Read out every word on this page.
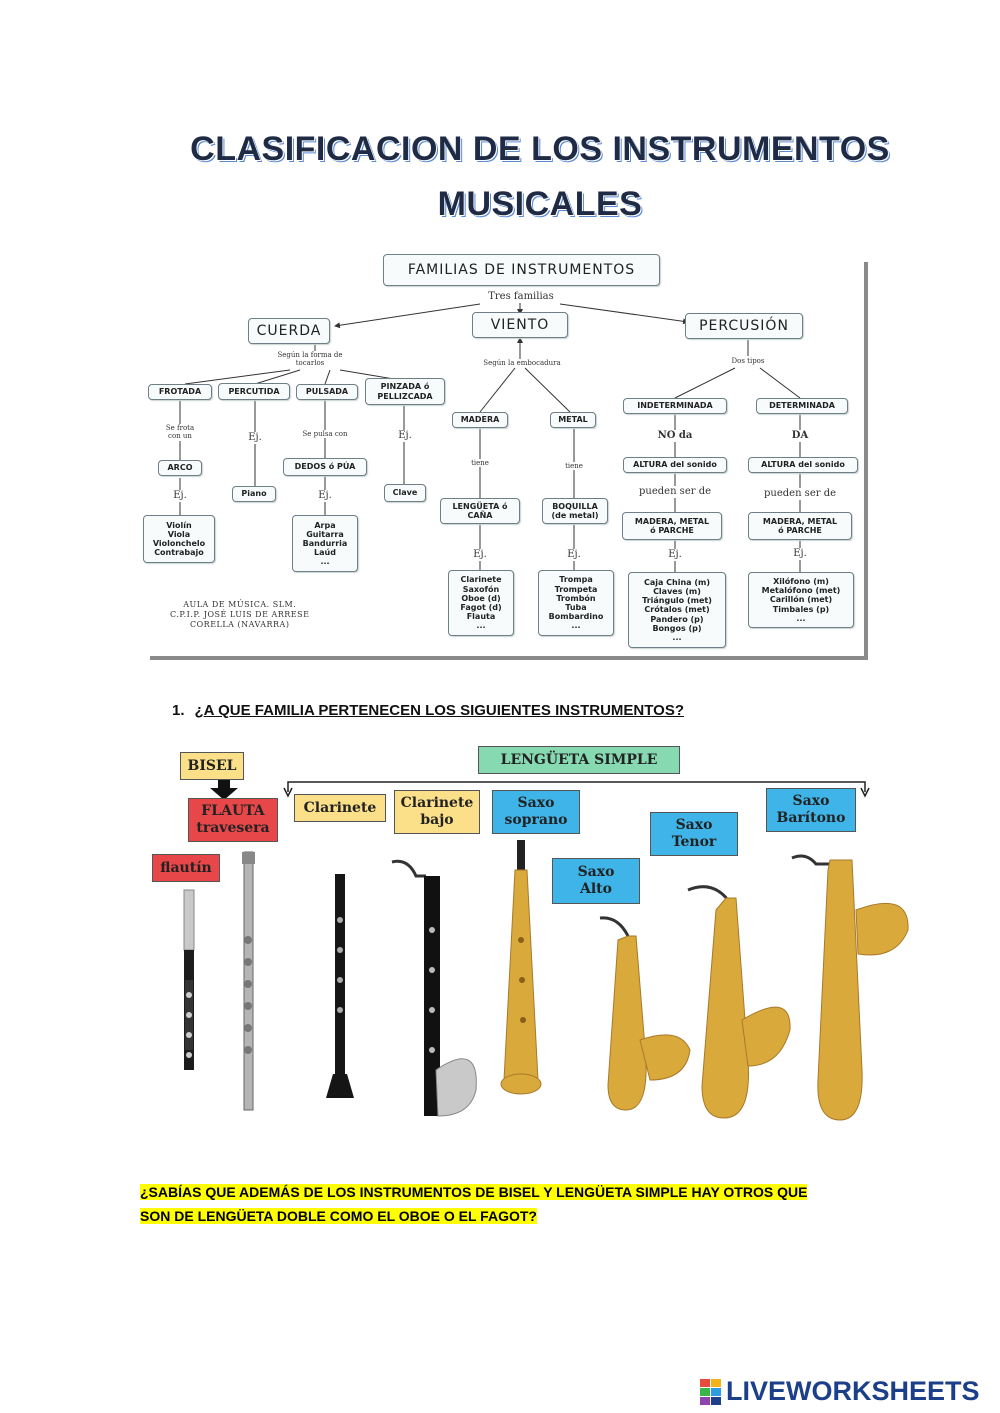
CLASIFICACION DE LOS INSTRUMENTOS
MUSICALES
FAMILIAS DE INSTRUMENTOS
Tres familias
CUERDA	VIENTO	PERCUSIÓN
Según la forma de
tocarlos
FROTADA	PERCUTIDA	PULSADA
PINZADA ó
PELLIZCADA
Se frota
con un
ARCO
Ej.
Violín
Viola
Violonchelo
Contrabajo
Ej.
Piano
Se pulsa con
DEDOS ó PÚA
Ej.
Arpa
Guitarra
Bandurria
Laúd
...
Ej.
Clave
Según la embocadura
MADERA	METAL
tiene	tiene
LENGÜETA ó
CAÑA
BOQUILLA
(de metal)
Ej.	Ej.
Clarinete
Saxofón
Oboe (d)
Fagot (d)
Flauta
...
Trompa
Trompeta
Trombón
Tuba
Bombardino
...
Dos tipos
INDETERMINADA	DETERMINADA
NO da	DA
ALTURA del sonido	ALTURA del sonido
pueden ser de	pueden ser de
MADERA, METAL
ó PARCHE
MADERA, METAL
ó PARCHE
Ej.	Ej.
Caja China (m)
Claves (m)
Triángulo (met)
Crótalos (met)
Pandero (p)
Bongos (p)
...
Xilófono (m)
Metalófono (met)
Carillón (met)
Timbales (p)
...
AULA DE MÚSICA. SLM.
C.P.I.P. JOSÉ LUIS DE ARRESE
CORELLA (NAVARRA)
1. ¿A QUE FAMILIA PERTENECEN LOS SIGUIENTES INSTRUMENTOS?
BISEL	LENGÜETA SIMPLE
FLAUTA
travesera
flautín
Clarinete	Clarinete
bajo
Saxo
soprano
Saxo
Alto
Saxo
Tenor
Saxo
Barítono
¿SABÍAS QUE ADEMÁS DE LOS INSTRUMENTOS DE BISEL Y LENGÜETA SIMPLE HAY OTROS QUE SON DE LENGÜETA DOBLE COMO EL OBOE O EL FAGOT?
LIVEWORKSHEETS
